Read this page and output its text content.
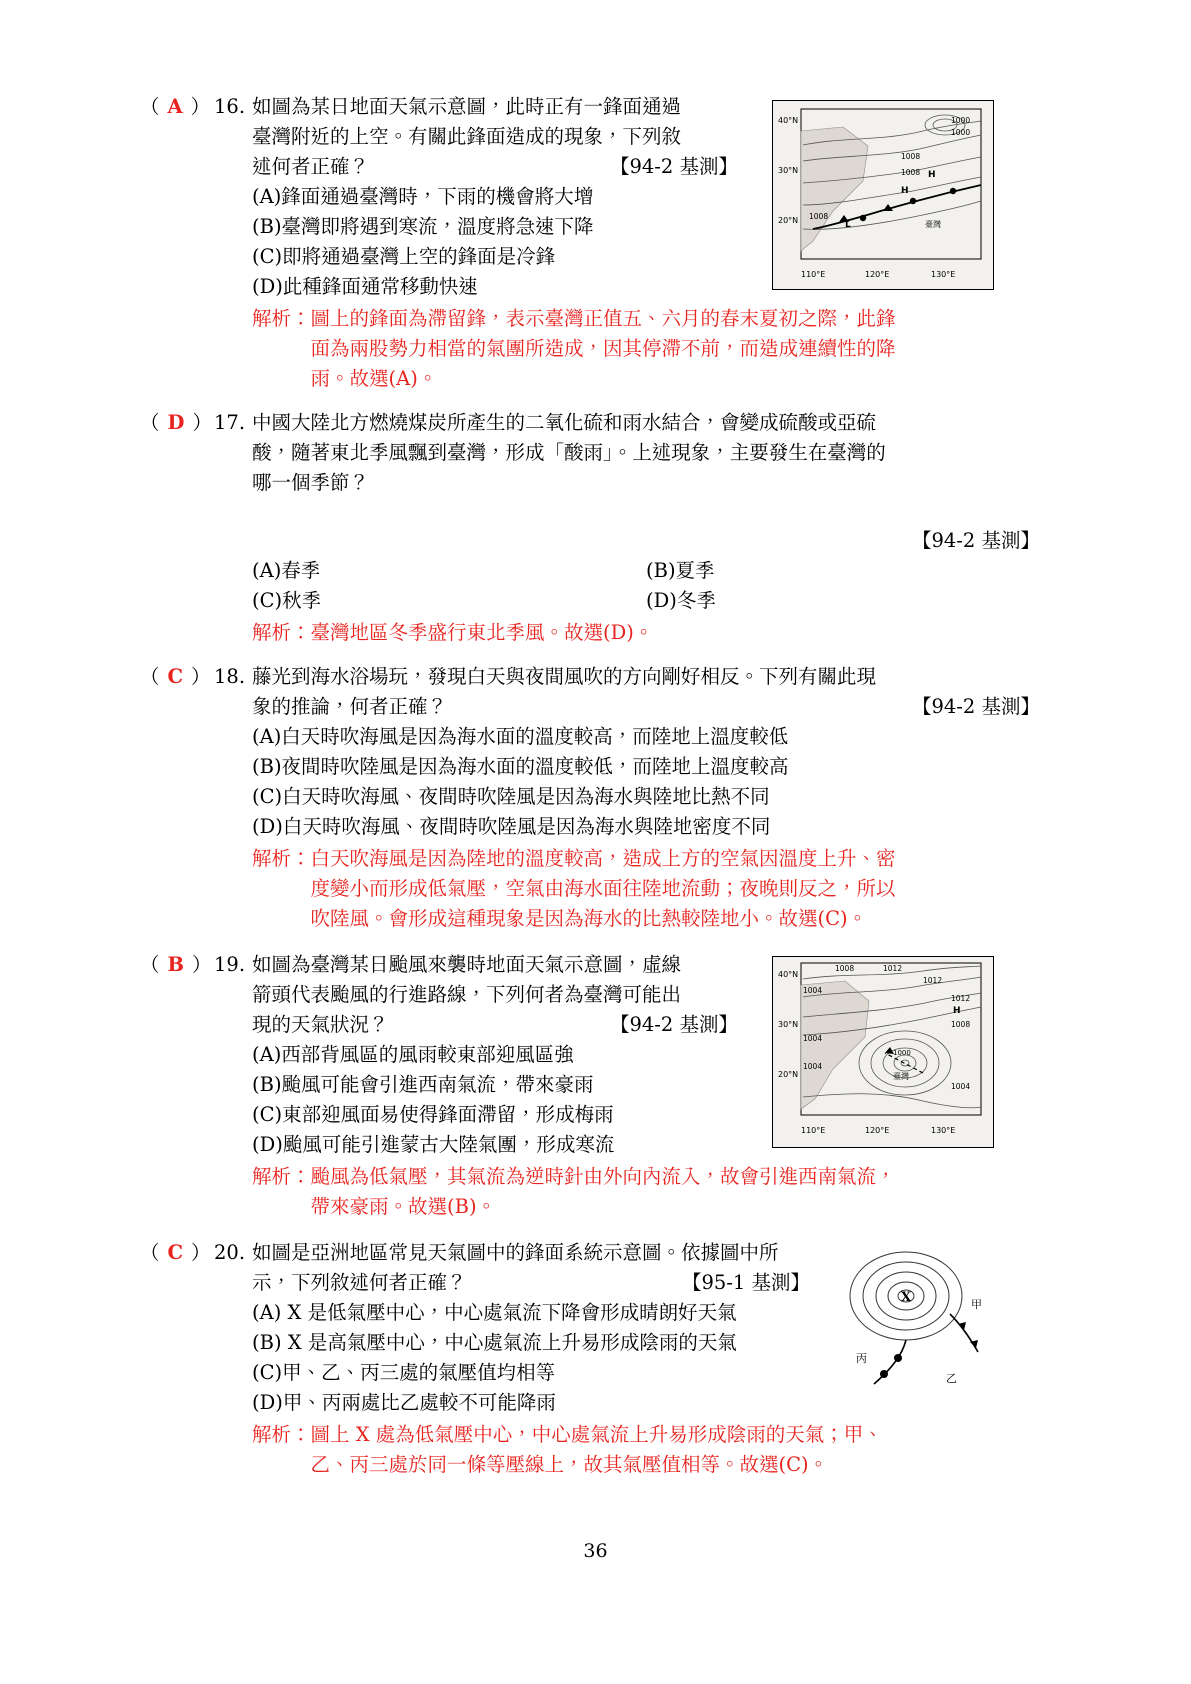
40°N
30°N
20°N
1000
1000
1008
1008
1008
H
H
L	臺灣
110°E	120°E	130°E
（ A ） 16. 如圖為某日地面天氣示意圖，此時正有一鋒面通過
臺灣附近的上空。有關此鋒面造成的現象，下列敘
述何者正確？	【94-2 基測】
(A)鋒面通過臺灣時，下雨的機會將大增
(B)臺灣即將遇到寒流，溫度將急速下降
(C)即將通過臺灣上空的鋒面是冷鋒
(D)此種鋒面通常移動快速
解析： 圖上的鋒面為滯留鋒，表示臺灣正值五、六月的春末夏初之際，此鋒
面為兩股勢力相當的氣團所造成，因其停滯不前，而造成連續性的降
雨。故選(A)。
（ D ） 17. 中國大陸北方燃燒煤炭所產生的二氧化硫和雨水結合，會變成硫酸或亞硫
酸，隨著東北季風飄到臺灣，形成「酸雨」。上述現象，主要發生在臺灣的
哪一個季節？
【94-2 基測】
(A)春季	(B)夏季
(C)秋季	(D)冬季
解析： 臺灣地區冬季盛行東北季風。故選(D)。
（ C ） 18. 藤光到海水浴場玩，發現白天與夜間風吹的方向剛好相反。下列有關此現
象的推論，何者正確？	【94-2 基測】
(A)白天時吹海風是因為海水面的溫度較高，而陸地上溫度較低
(B)夜間時吹陸風是因為海水面的溫度較低，而陸地上溫度較高
(C)白天時吹海風、夜間時吹陸風是因為海水與陸地比熱不同
(D)白天時吹海風、夜間時吹陸風是因為海水與陸地密度不同
解析： 白天吹海風是因為陸地的溫度較高，造成上方的空氣因溫度上升、密
度變小而形成低氣壓，空氣由海水面往陸地流動；夜晚則反之，所以
吹陸風。會形成這種現象是因為海水的比熱較陸地小。故選(C)。
40°N
30°N
20°N
1008	1012
1012
1012
1004
1004
1004
1008
1000
1004
H
臺灣
110°E	120°E	130°E
（ B ） 19. 如圖為臺灣某日颱風來襲時地面天氣示意圖，虛線
箭頭代表颱風的行進路線，下列何者為臺灣可能出
現的天氣狀況？	【94-2 基測】
(A)西部背風區的風雨較東部迎風區強
(B)颱風可能會引進西南氣流，帶來豪雨
(C)東部迎風面易使得鋒面滯留，形成梅雨
(D)颱風可能引進蒙古大陸氣團，形成寒流
解析： 颱風為低氣壓，其氣流為逆時針由外向內流入，故會引進西南氣流，
帶來豪雨。故選(B)。
X	甲
乙
丙
（ C ） 20. 如圖是亞洲地區常見天氣圖中的鋒面系統示意圖。依據圖中所
示，下列敘述何者正確？	【95-1 基測】
(A) X 是低氣壓中心，中心處氣流下降會形成晴朗好天氣
(B) X 是高氣壓中心，中心處氣流上升易形成陰雨的天氣
(C)甲、乙、丙三處的氣壓值均相等
(D)甲、丙兩處比乙處較不可能降雨
解析： 圖上 X 處為低氣壓中心，中心處氣流上升易形成陰雨的天氣；甲、
乙、丙三處於同一條等壓線上，故其氣壓值相等。故選(C)。
36
